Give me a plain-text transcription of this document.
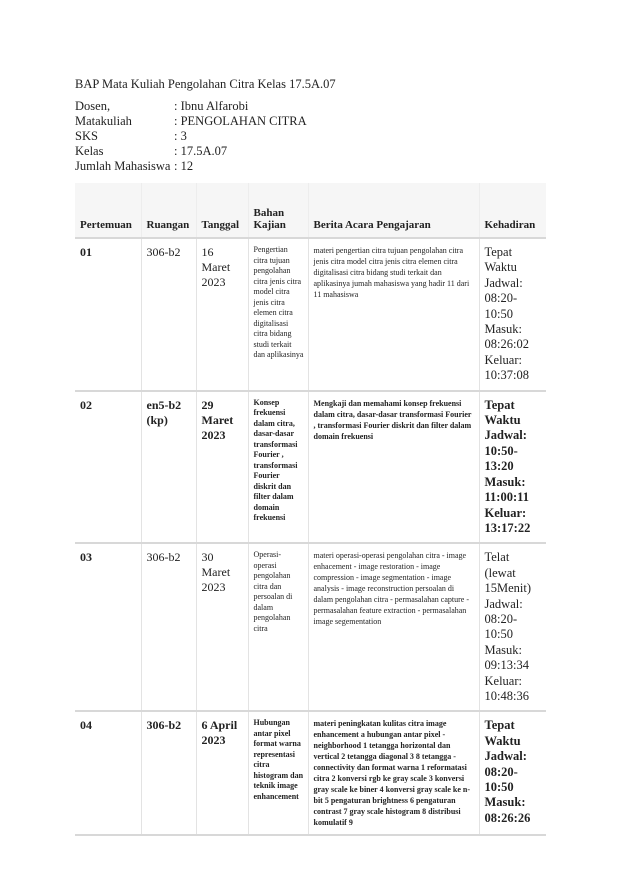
BAP Mata Kuliah Pengolahan Citra Kelas 17.5A.07
Dosen,	: Ibnu Alfarobi
Matakuliah	: PENGOLAHAN CITRA
SKS	: 3
Kelas	: 17.5A.07
Jumlah Mahasiswa : 12
Pertemuan	Ruangan	Tanggal	Bahan Kajian	Berita Acara Pengajaran	Kehadiran
01	306-b2	16 Maret 2023	Pengertian citra tujuan pengolahan citra jenis citra model citra jenis citra elemen citra digitalisasi citra bidang studi terkait dan aplikasinya	materi pengertian citra tujuan pengolahan citra jenis citra model citra jenis citra elemen citra digitalisasi citra bidang studi terkait dan aplikasinya jumah mahasiswa yang hadir 11 dari 11 mahasiswa	Tepat Waktu Jadwal: 08:20-10:50 Masuk: 08:26:02 Keluar: 10:37:08
02	en5-b2 (kp)	29 Maret 2023	Konsep frekuensi dalam citra, dasar-dasar transformasi Fourier , transformasi Fourier diskrit dan filter dalam domain frekuensi	Mengkaji dan memahami konsep frekuensi dalam citra, dasar-dasar transformasi Fourier , transformasi Fourier diskrit dan filter dalam domain frekuensi	Tepat Waktu Jadwal: 10:50-13:20 Masuk: 11:00:11 Keluar: 13:17:22
03	306-b2	30 Maret 2023	Operasi-operasi pengolahan citra dan persoalan di dalam pengolahan citra	materi operasi-operasi pengolahan citra - image enhacement - image restoration - image compression - image segmentation - image analysis - image reconstruction persoalan di dalam pengolahan citra - permasalahan capture - permasalahan feature extraction - permasalahan image segementation	Telat (lewat 15Menit) Jadwal: 08:20-10:50 Masuk: 09:13:34 Keluar: 10:48:36
04	306-b2	6 April 2023	Hubungan antar pixel format warna representasi citra histogram dan teknik image enhancement	materi peningkatan kulitas citra image enhancement a hubungan antar pixel - neighborhood 1 tetangga horizontal dan vertical 2 tetangga diagonal 3 8 tetangga - connectivity dan format warna 1 reformatasi citra 2 konversi rgb ke gray scale 3 konversi gray scale ke biner 4 konversi gray scale ke n-bit 5 pengaturan brightness 6 pengaturan contrast 7 gray scale histogram 8 distribusi komulatif 9	Tepat Waktu Jadwal: 08:20-10:50 Masuk: 08:26:26
